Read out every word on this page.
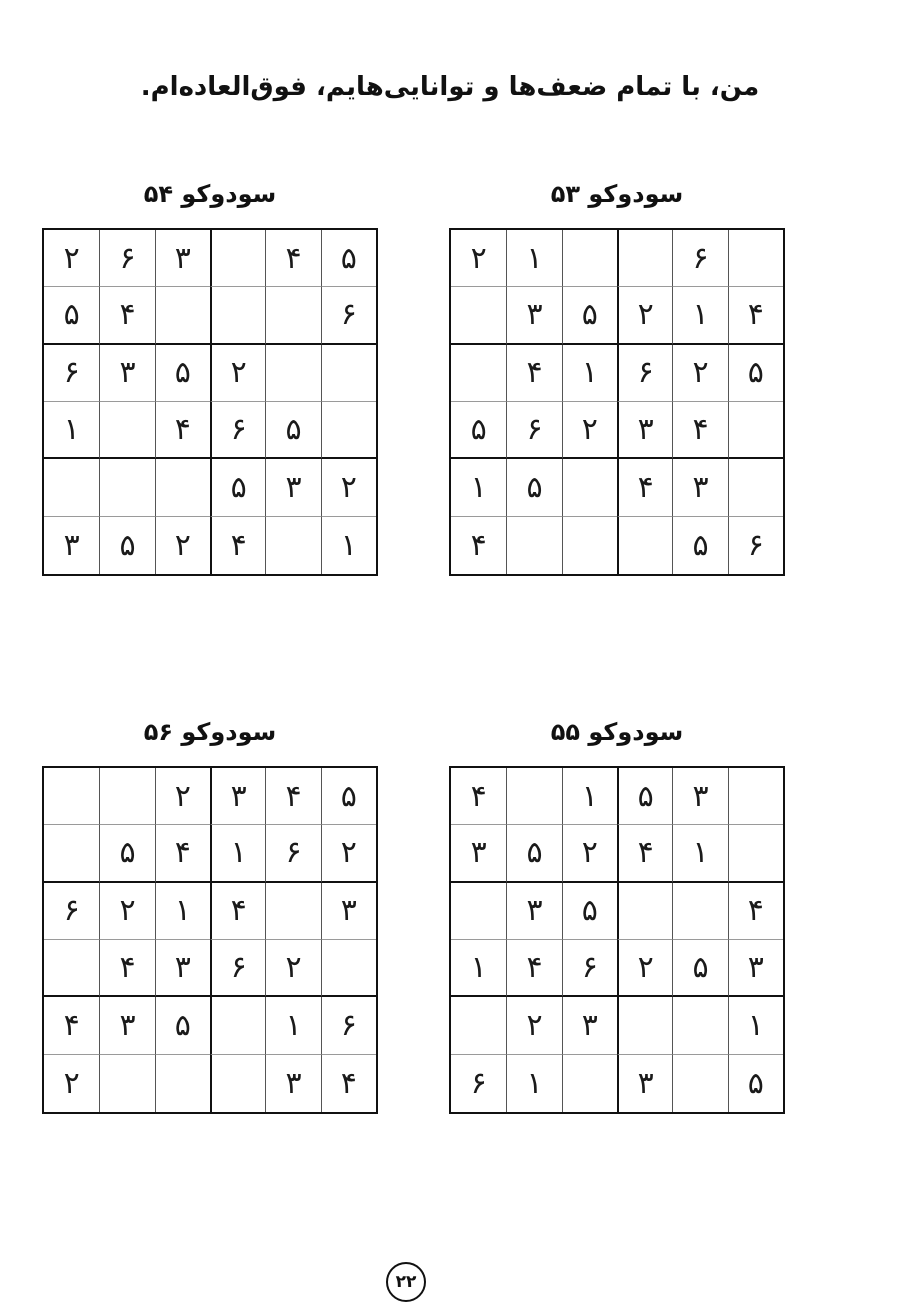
من، با تمام ضعف‌ها و توانایی‌هایم، فوق‌العاده‌ام.
سودوکو ۵۳
۶
۱
۲
۴
۱
۲
۵
۳
۵
۲
۶
۱
۴
۴
۳
۲
۶
۵
۳
۴
۵
۱
۶
۵
۴
سودوکو ۵۴
۵
۴
۳
۶
۲
۶
۴
۵
۲
۵
۳
۶
۵
۶
۴
۱
۲
۳
۵
۱
۴
۲
۵
۳
سودوکو ۵۵
۳
۵
۱
۴
۱
۴
۲
۵
۳
۴
۵
۳
۳
۵
۲
۶
۴
۱
۱
۳
۲
۵
۳
۱
۶
سودوکو ۵۶
۵
۴
۳
۲
۲
۶
۱
۴
۵
۳
۴
۱
۲
۶
۲
۶
۳
۴
۶
۱
۵
۳
۴
۴
۳
۲
۲۲
